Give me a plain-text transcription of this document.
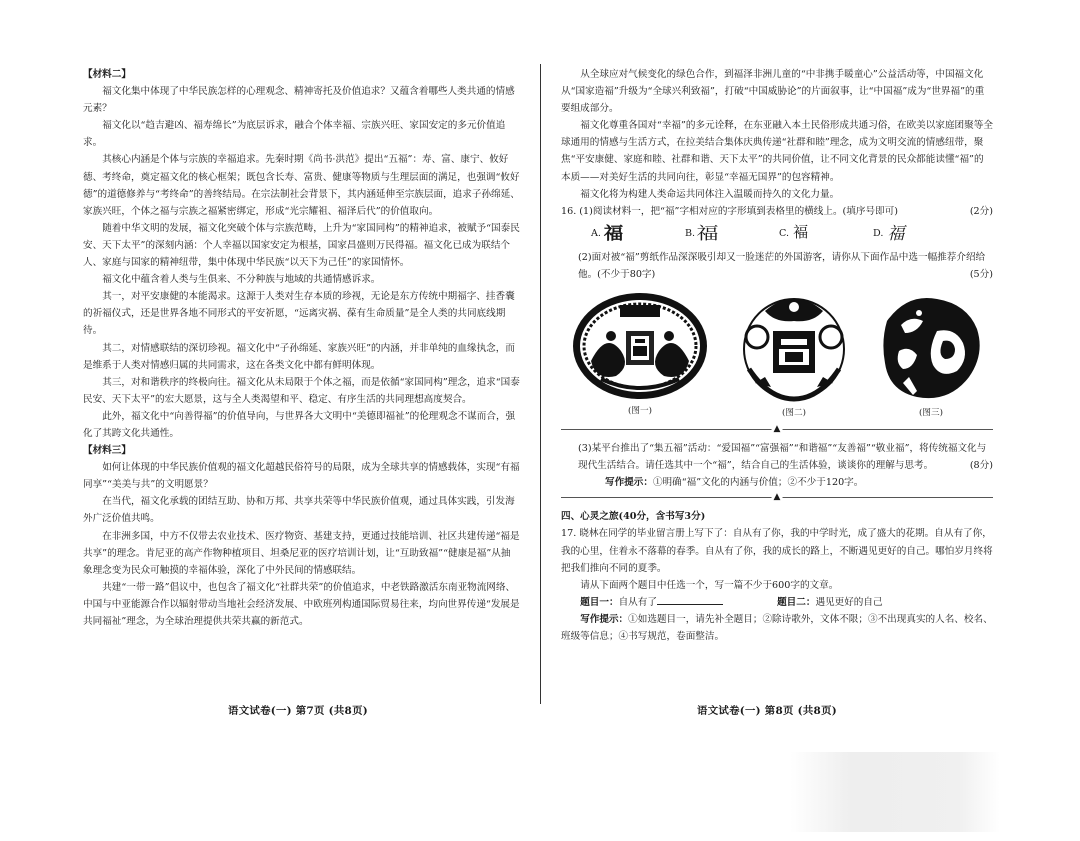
【材料二】

福文化集中体现了中华民族怎样的心理观念、精神寄托及价值追求？又蕴含着哪些人类共通的情感元素？

福文化以“趋吉避凶、福寿绵长”为底层诉求，融合个体幸福、宗族兴旺、家国安定的多元价值追求。

其核心内涵是个体与宗族的幸福追求。先秦时期《尚书·洪范》提出“五福”：寿、富、康宁、攸好德、考终命，奠定福文化的核心框架；既包含长寿、富贵、健康等物质与生理层面的满足，也强调“攸好德”的道德修养与“考终命”的善终结局。在宗法制社会背景下，其内涵延伸至宗族层面，追求子孙绵延、家族兴旺，个体之福与宗族之福紧密绑定，形成“光宗耀祖、福泽后代”的价值取向。

随着中华文明的发展，福文化突破个体与宗族范畴，上升为“家国同构”的精神追求，被赋予“国泰民安、天下太平”的深刻内涵：个人幸福以国家安定为根基，国家昌盛则万民得福。福文化已成为联结个人、家庭与国家的精神纽带，集中体现中华民族“以天下为己任”的家国情怀。

福文化中蕴含着人类与生俱来、不分种族与地域的共通情感诉求。

其一，对平安康健的本能渴求。这源于人类对生存本质的珍视，无论是东方传统中期福字、挂香囊的祈福仪式，还是世界各地不同形式的平安祈愿，“远离灾祸、葆有生命质量”是全人类的共同底线期待。

其二，对情感联结的深切珍视。福文化中“子孙绵延、家族兴旺”的内涵，并非单纯的血缘执念，而是维系于人类对情感归属的共同需求，这在各类文化中都有鲜明体现。

其三，对和谐秩序的终极向往。福文化从未局限于个体之福，而是依循“家国同构”理念，追求“国泰民安、天下太平”的宏大愿景，这与全人类渴望和平、稳定、有序生活的共同理想高度契合。

此外，福文化中“向善得福”的价值导向，与世界各大文明中“美德即福祉”的伦理观念不谋而合，强化了其跨文化共通性。

【材料三】

如何让体现的中华民族价值观的福文化超越民俗符号的局限，成为全球共享的情感载体，实现“有福同享”“美美与共”的文明愿景？

在当代，福文化承载的团结互助、协和万邦、共享共荣等中华民族价值观，通过具体实践，引发海外广泛价值共鸣。

在非洲多国，中方不仅带去农业技术、医疗物资、基建支持，更通过技能培训、社区共建传递“福是共享”的理念。肯尼亚的高产作物种植项目、坦桑尼亚的医疗培训计划，让“互助致福”“健康是福”从抽象理念变为民众可触摸的幸福体验，深化了中外民间的情感联结。

共建“一带一路”倡议中，也包含了福文化“社群共荣”的价值追求，中老铁路激活东南亚物流网络、中国与中亚能源合作以辐射带动当地社会经济发展、中欧班列构通国际贸易往来，均向世界传递“发展是共同福祉”理念，为全球治理提供共荣共赢的新范式。

语文试卷(一) 第7页 (共8页)

从全球应对气候变化的绿色合作，到福泽非洲儿童的“中非携手暖童心”公益活动等，中国福文化从“国家造福”升级为“全球兴利致福”，打破“中国威胁论”的片面叙事，让“中国福”成为“世界福”的重要组成部分。

福文化尊重各国对“幸福”的多元诠释，在东亚融入本土民俗形成共通习俗，在欧美以家庭团聚等全球通用的情感与生活方式，在拉美结合集体庆典传递“社群和睦”理念，成为文明交流的情感纽带，聚焦“平安康健、家庭和睦、社群和谐、天下太平”的共同价值，让不同文化背景的民众都能读懂“福”的本质——对美好生活的共同向往，彰显“幸福无国界”的包容精神。

福文化将为构建人类命运共同体注入温暖而持久的文化力量。

16. (1)阅读材料一，把“福”字相对应的字形填到表格里的横线上。(填序号即可)	(2分)
A. 福	B. 福	C. 褔	D. 福
(2)面对被“福”剪纸作品深深吸引却又一脸迷茫的外国游客，请你从下面作品中选一幅推荐介绍给他。(不少于80字)	(5分)
(图一)	(图二)	(图三)
▲
(3)某平台推出了“集五福”活动：“爱国福”“富强福”“和谐福”“友善福”“敬业福”，将传统福文化与现代生活结合。请任选其中一个“福”，结合自己的生活体验，谈谈你的理解与思考。	(8分)

写作提示：①明确“福”文化的内涵与价值；②不少于120字。

▲

四、心灵之旅(40分，含书写3分)

17. 晓林在同学的毕业留言册上写下了：自从有了你，我的中学时光，成了盛大的花期。自从有了你，我的心里，住着永不落幕的春季。自从有了你，我的成长的路上，不断遇见更好的自己。哪怕岁月终将把我们推向不同的夏季。

请从下面两个题目中任选一个，写一篇不少于600字的文章。

题目一：自从有了	题目二：遇见更好的自己

写作提示：①如选题目一，请先补全题目；②除诗歌外，文体不限；③不出现真实的人名、校名、班级等信息；④书写规范，卷面整洁。

语文试卷(一) 第8页 (共8页)
